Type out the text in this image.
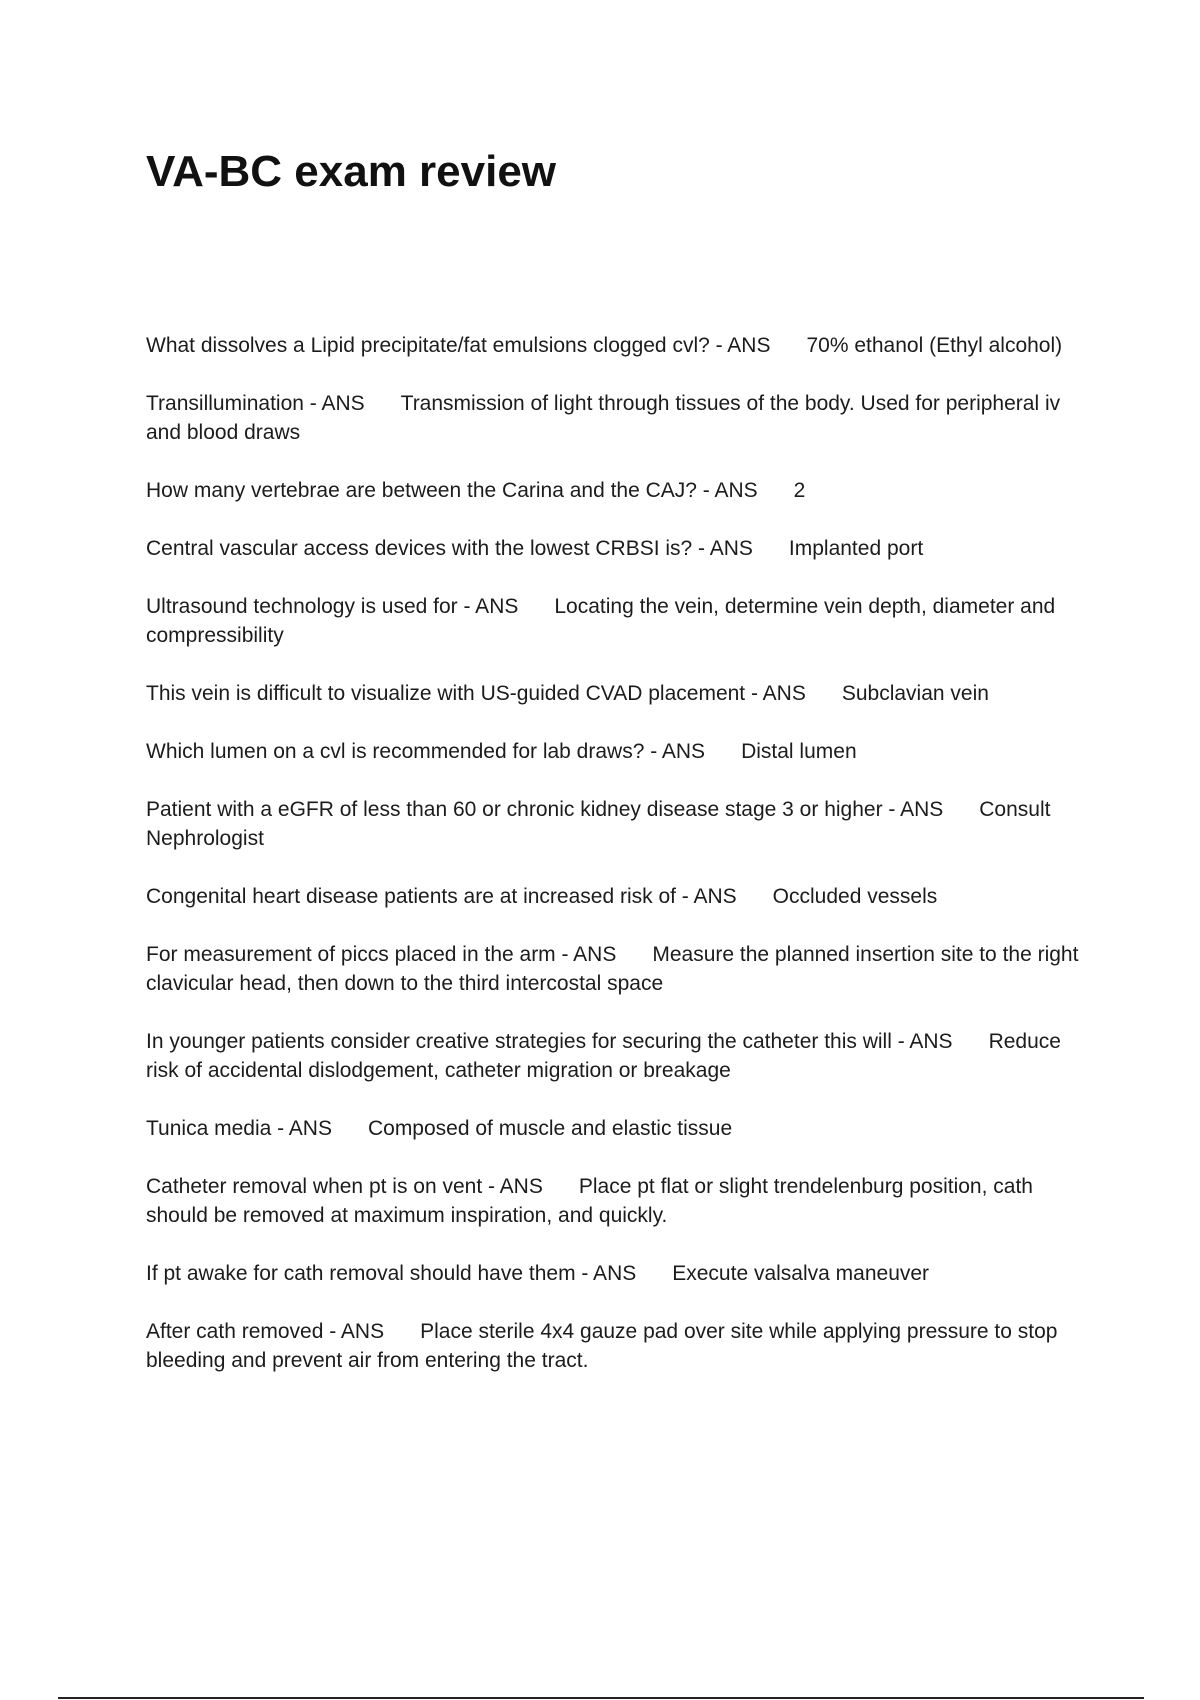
VA-BC exam review

What dissolves a Lipid precipitate/fat emulsions clogged cvl? - ANS 70% ethanol (Ethyl alcohol)

Transillumination - ANS Transmission of light through tissues of the body. Used for peripheral iv and blood draws

How many vertebrae are between the Carina and the CAJ? - ANS 2

Central vascular access devices with the lowest CRBSI is? - ANS Implanted port

Ultrasound technology is used for - ANS Locating the vein, determine vein depth, diameter and compressibility

This vein is difficult to visualize with US-guided CVAD placement - ANS Subclavian vein

Which lumen on a cvl is recommended for lab draws? - ANS Distal lumen

Patient with a eGFR of less than 60 or chronic kidney disease stage 3 or higher - ANS Consult Nephrologist

Congenital heart disease patients are at increased risk of - ANS Occluded vessels

For measurement of piccs placed in the arm - ANS Measure the planned insertion site to the right clavicular head, then down to the third intercostal space

In younger patients consider creative strategies for securing the catheter this will - ANS Reduce risk of accidental dislodgement, catheter migration or breakage

Tunica media - ANS Composed of muscle and elastic tissue

Catheter removal when pt is on vent - ANS Place pt flat or slight trendelenburg position, cath should be removed at maximum inspiration, and quickly.

If pt awake for cath removal should have them - ANS Execute valsalva maneuver

After cath removed - ANS Place sterile 4x4 gauze pad over site while applying pressure to stop bleeding and prevent air from entering the tract.
